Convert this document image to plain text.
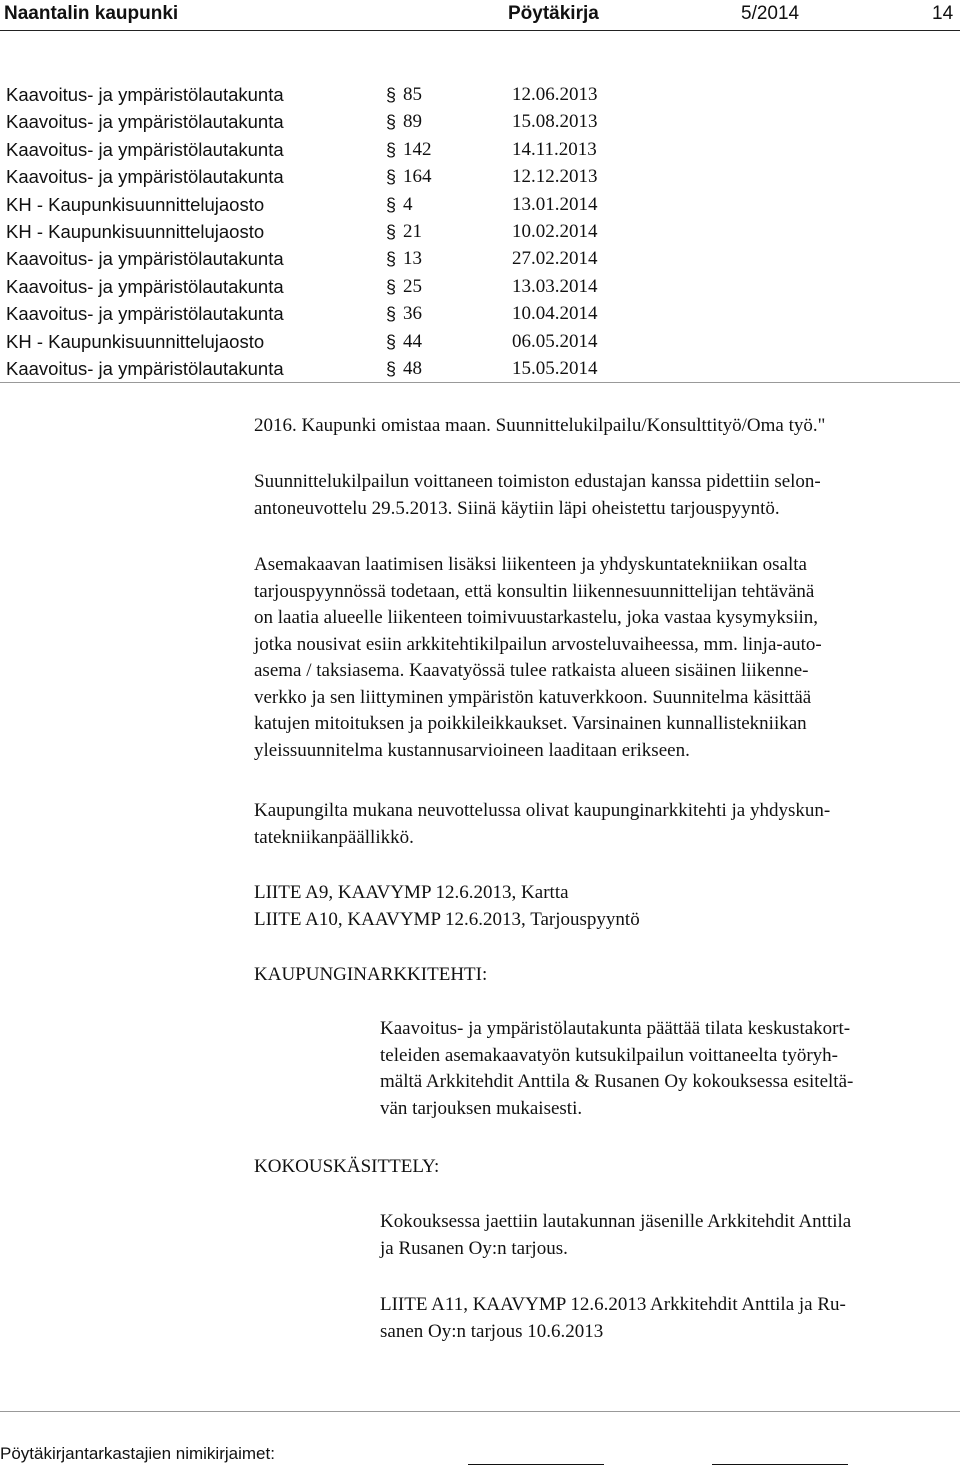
Naantalin kaupunki	Pöytäkirja	5/2014	14
Kaavoitus- ja ympäristölautakunta	§ 85	12.06.2013
Kaavoitus- ja ympäristölautakunta	§ 89	15.08.2013
Kaavoitus- ja ympäristölautakunta	§ 142	14.11.2013
Kaavoitus- ja ympäristölautakunta	§ 164	12.12.2013
KH - Kaupunkisuunnittelujaosto	§ 4	13.01.2014
KH - Kaupunkisuunnittelujaosto	§ 21	10.02.2014
Kaavoitus- ja ympäristölautakunta	§ 13	27.02.2014
Kaavoitus- ja ympäristölautakunta	§ 25	13.03.2014
Kaavoitus- ja ympäristölautakunta	§ 36	10.04.2014
KH - Kaupunkisuunnittelujaosto	§ 44	06.05.2014
Kaavoitus- ja ympäristölautakunta	§ 48	15.05.2014

2016. Kaupunki omistaa maan. Suunnittelukilpailu/Konsulttityö/Oma työ."

Suunnittelukilpailun voittaneen toimiston edustajan kanssa pidettiin selon-

antoneuvottelu 29.5.2013. Siinä käytiin läpi oheistettu tarjouspyyntö.

Asemakaavan laatimisen lisäksi liikenteen ja yhdyskuntatekniikan osalta

tarjouspyynnössä todetaan, että konsultin liikennesuunnittelijan tehtävänä

on laatia alueelle liikenteen toimivuustarkastelu, joka vastaa kysymyksiin,

jotka nousivat esiin arkkitehtikilpailun arvosteluvaiheessa, mm. linja-auto-

asema / taksiasema. Kaavatyössä tulee ratkaista alueen sisäinen liikenne-

verkko ja sen liittyminen ympäristön katuverkkoon. Suunnitelma käsittää

katujen mitoituksen ja poikkileikkaukset. Varsinainen kunnallistekniikan

yleissuunnitelma kustannusarvioineen laaditaan erikseen.

Kaupungilta mukana neuvottelussa olivat kaupunginarkkitehti ja yhdyskun-

tatekniikanpäällikkö.

LIITE A9, KAAVYMP 12.6.2013, Kartta

LIITE A10, KAAVYMP 12.6.2013, Tarjouspyyntö

KAUPUNGINARKKITEHTI:

Kaavoitus- ja ympäristölautakunta päättää tilata keskustakort-

teleiden asemakaavatyön kutsukilpailun voittaneelta työryh-

mältä Arkkitehdit Anttila & Rusanen Oy kokouksessa esiteltä-

vän tarjouksen mukaisesti.

KOKOUSKÄSITTELY:

Kokouksessa jaettiin lautakunnan jäsenille Arkkitehdit Anttila

ja Rusanen Oy:n tarjous.

LIITE A11, KAAVYMP 12.6.2013 Arkkitehdit Anttila ja Ru-

sanen Oy:n tarjous 10.6.2013

Pöytäkirjantarkastajien nimikirjaimet:
